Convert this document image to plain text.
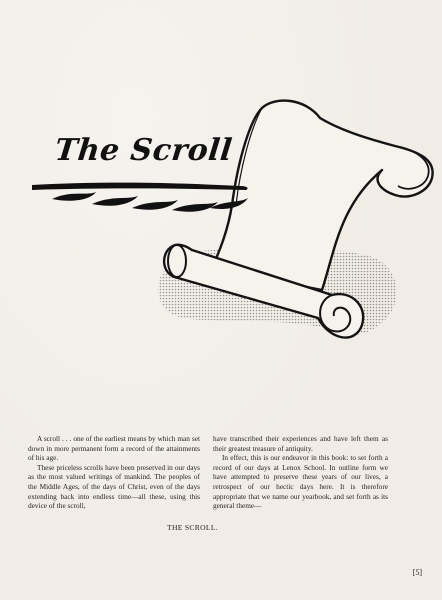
The Scroll

A scroll . . . one of the earliest means by which man set down in more permanent form a record of the attainments of his age.

These priceless scrolls have been preserved in our days as the most valued writings of mankind. The peoples of the Middle Ages, of the days of Christ, even of the days extending back into endless time—all these, using this device of the scroll,

have transcribed their experiences and have left them as their greatest treasure of antiquity.

In effect, this is our endeavor in this book: to set forth a record of our days at Lenox School. In outline form we have attempted to preserve these years of our lives, a retrospect of our hectic days here. It is therefore appropriate that we name our yearbook, and set forth as its general theme—

THE SCROLL.
[5]
